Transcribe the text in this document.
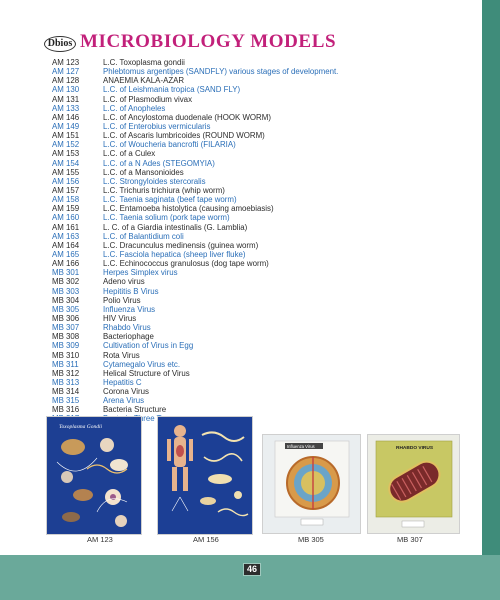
46
Dbios MICROBIOLOGY MODELS
AM 123	L.C. Toxoplasma gondii
AM 127	Phlebtomus argentipes (SANDFLY) various stages of development.
AM 128	ANAEMIA KALA-AZAR
AM 130	L.C. of Leishmania tropica (SAND FLY)
AM 131	L.C. of Plasmodium vivax
AM 133	L.C. of Anopheles
AM 146	L.C. of Ancylostoma duodenale (HOOK WORM)
AM 149	L.C. of Enterobius vermicularis
AM 151	L.C. of Ascaris lumbricoides (ROUND WORM)
AM 152	L.C. of Woucheria bancrofti (FILARIA)
AM 153	L.C. of a Culex
AM 154	L.C. of a N Ades (STEGOMYIA)
AM 155	L.C. of a Mansonioides
AM 156	L.C. Strongyloides stercoralis
AM 157	L.C. Trichuris trichiura (whip worm)
AM 158	L.C. Taenia saginata (beef tape worm)
AM 159	L.C. Entamoeba histolytica (causing amoebiasis)
AM 160	L.C. Taenia solium (pork tape worm)
AM 161	L. C. of a Giardia intestinalis (G. Lamblia)
AM 163	L.C. of Balantidium coli
AM 164	L.C. Dracunculus medinensis (guinea worm)
AM 165	L.C. Fasciola hepatica (sheep liver fluke)
AM 166	L.C. Echinococcus granulosus (dog tape worm)
MB 301	Herpes Simplex virus
MB 302	Adeno virus
MB 303	Hepititis B Virus
MB 304	Polio Virus
MB 305	Influenza Virus
MB 306	HIV Virus
MB 307	Rhabdo Virus
MB 308	Bacteriophage
MB 309	Cultivation of Virus in Egg
MB 310	Rota Virus
MB 311	Cytamegalo Virus etc.
MB 312	Helical Structure of Virus
MB 313	Hepatitis C
MB 314	Corona Virus
MB 315	Arena Virus
MB 316	Bacteria Structure
Three
Toxoplasma Gondii
AM 123	AM 156
Influenza Virus
MB 305
RHABDO VIRUS
MB 307
